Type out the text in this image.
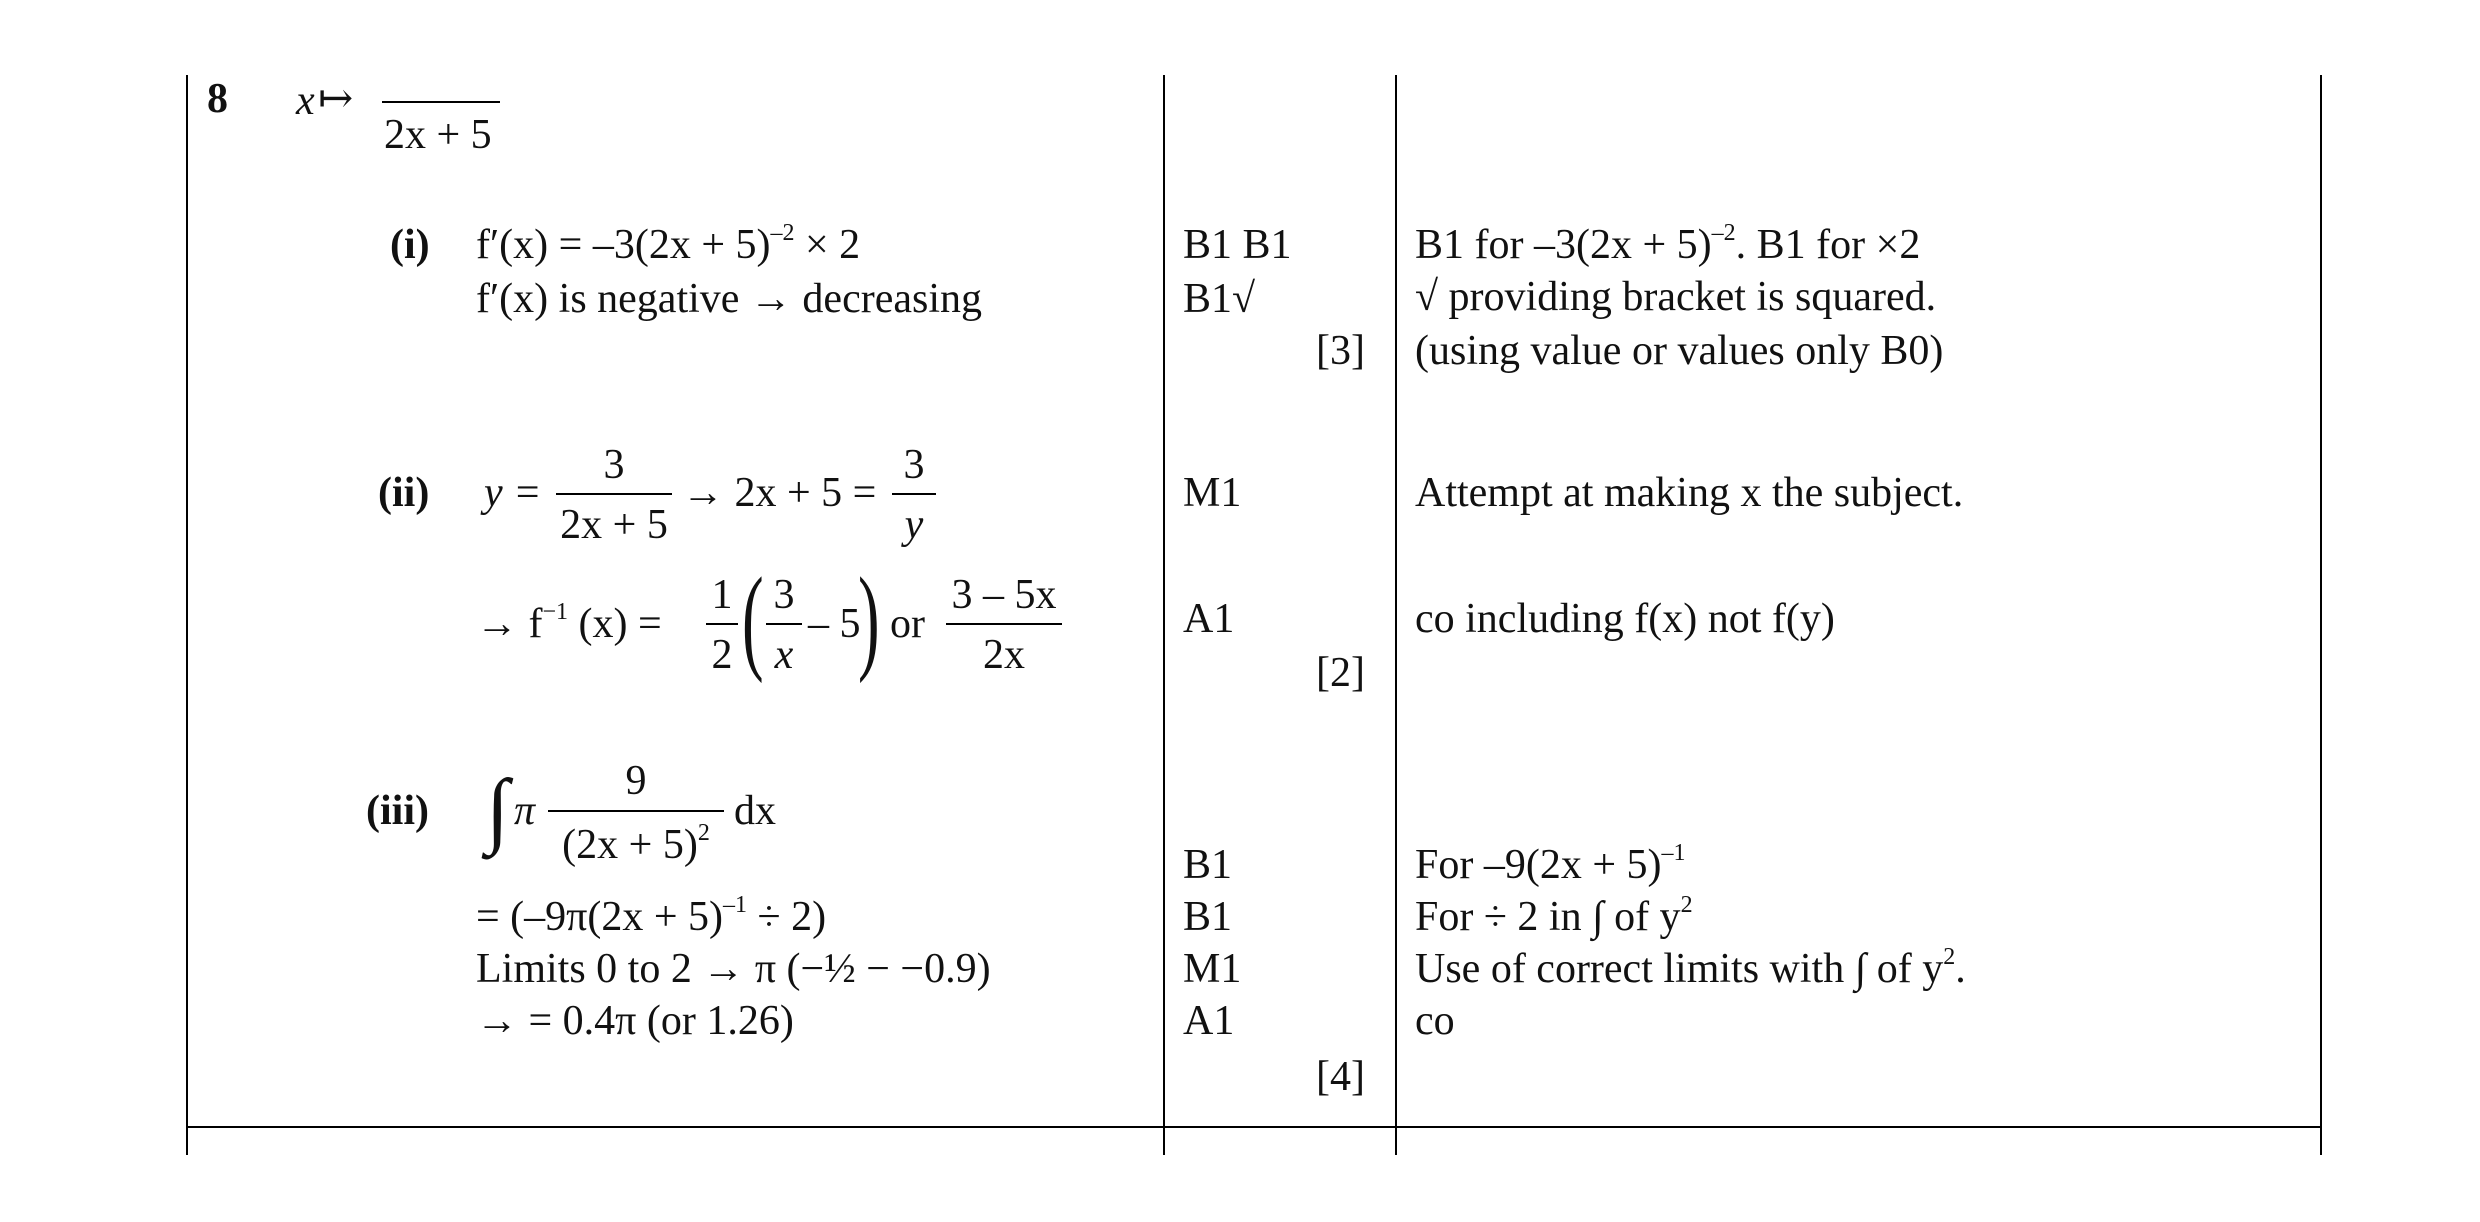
8 x ↦
2x + 5
(i) $f'(x) = -3(2x + 5)^{-2} \times 2$
f′(x) is negative → decreasing
B1 B1
B1√
[3]
B1 for $-3(2x + 5)^{-2}$. B1 for ×2
√ providing bracket is squared.
(using value or values only B0)
(ii) y =
3
2x + 5
→ 2x + 5 =
3
y
→ $f^{-1}$ (x) =
1
2 ( 3
x
– 5
) or
3 – 5x
2x
M1
A1
[2]
Attempt at making x the subject.
co including f(x) not f(y)
(iii) ∫ π
9
$(2x + 5)^2$ dx
= $(-9\pi(2x + 5)^{-1} \div 2)$
Limits 0 to 2 → π (−½ − −0.9)
→ = 0.4π (or 1.26)
B1
B1
M1
A1
[4]
For $-9(2x + 5)^{-1}$
For ÷ 2 in ∫ of $y^2$
Use of correct limits with ∫ of $y^2$.
co
